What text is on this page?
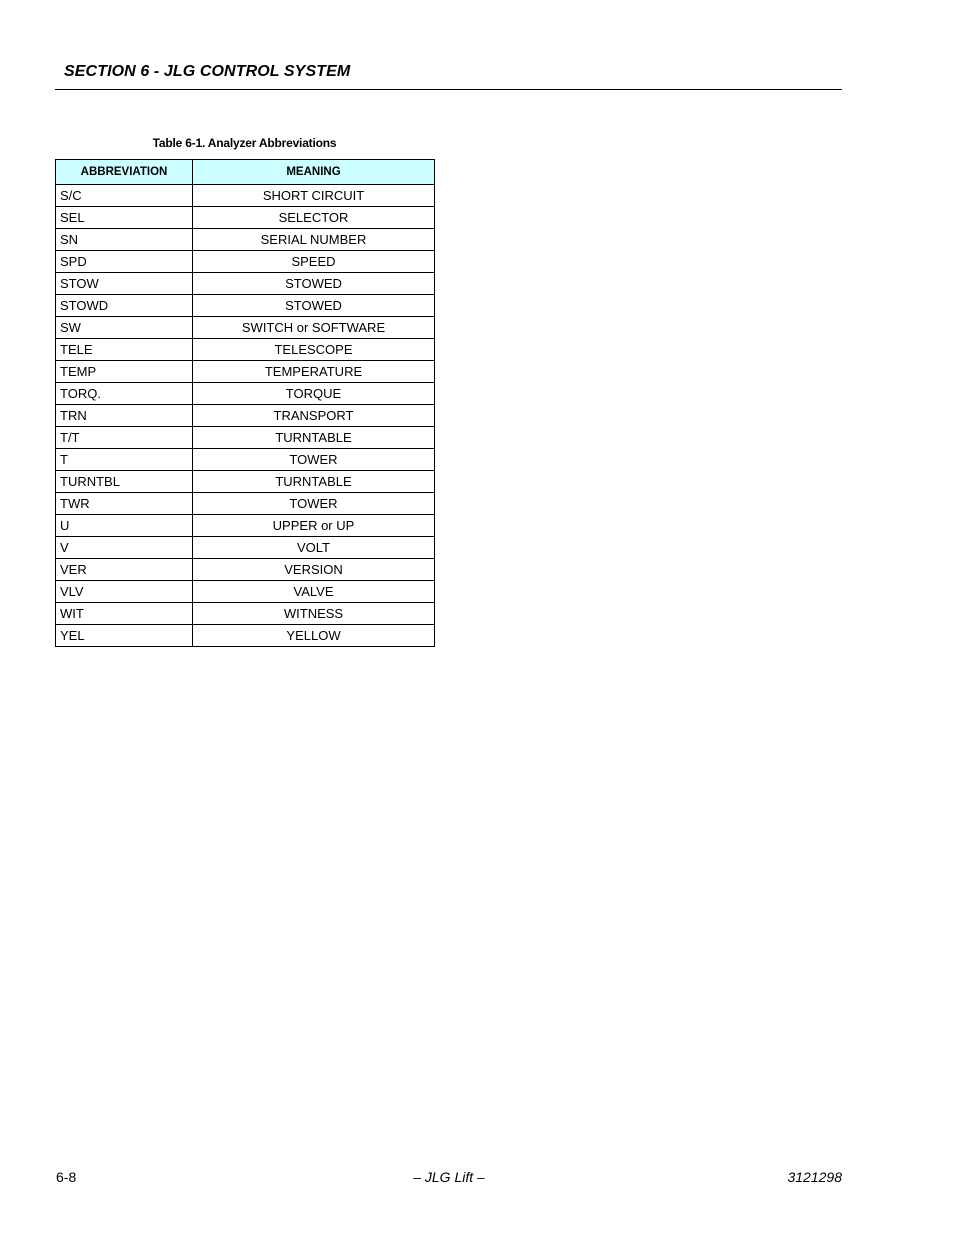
SECTION 6 - JLG CONTROL SYSTEM
Table 6-1. Analyzer Abbreviations
ABBREVIATION	MEANING
S/C	SHORT CIRCUIT
SEL	SELECTOR
SN	SERIAL NUMBER
SPD	SPEED
STOW	STOWED
STOWD	STOWED
SW	SWITCH or SOFTWARE
TELE	TELESCOPE
TEMP	TEMPERATURE
TORQ.	TORQUE
TRN	TRANSPORT
T/T	TURNTABLE
T	TOWER
TURNTBL	TURNTABLE
TWR	TOWER
U	UPPER or UP
V	VOLT
VER	VERSION
VLV	VALVE
WIT	WITNESS
YEL	YELLOW
6-8	– JLG Lift –	3121298
